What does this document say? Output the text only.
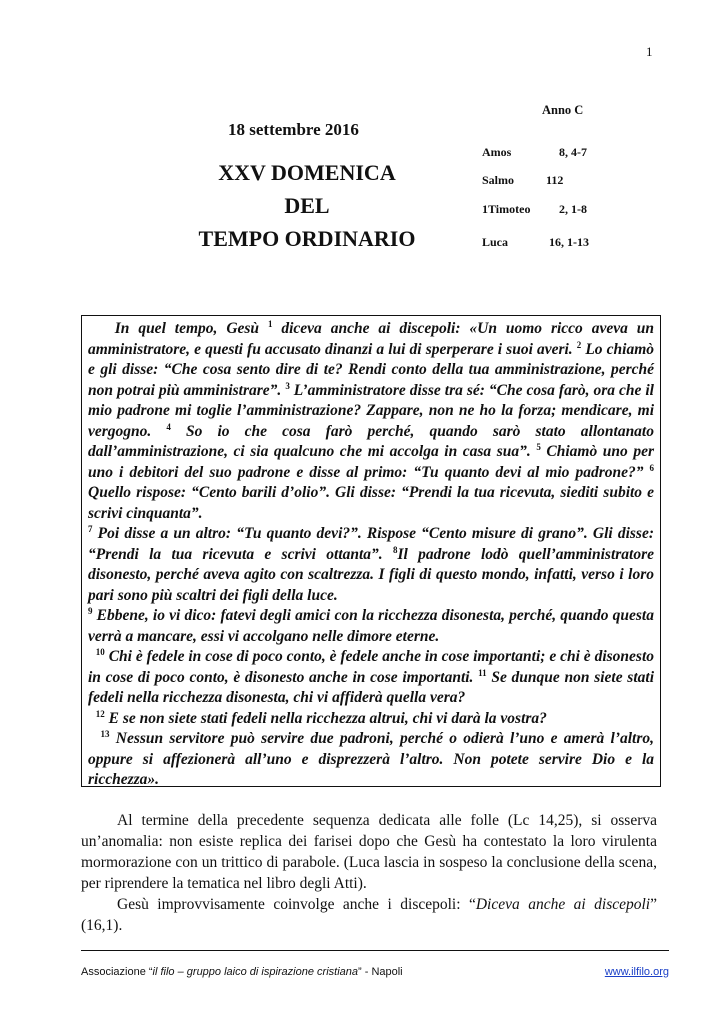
1
18 settembre 2016
XXV DOMENICA
DEL
TEMPO ORDINARIO
Anno C
Amos	8, 4-7
Salmo	112
1Timoteo 2, 1-8
Luca	16, 1-13

In quel tempo, Gesù $^1$ diceva anche ai discepoli: «Un uomo ricco aveva un amministratore, e questi fu accusato dinanzi a lui di sperperare i suoi averi. $^2$ Lo chiamò e gli disse: “Che cosa sento dire di te? Rendi conto della tua amministrazione, perché non potrai più amministrare”. $^3$ L’amministratore disse tra sé: “Che cosa farò, ora che il mio padrone mi toglie l’amministrazione? Zappare, non ne ho la forza; mendicare, mi vergogno. $^4$ So io che cosa farò perché, quando sarò stato allontanato dall’amministrazione, ci sia qualcuno che mi accolga in casa sua”. $^5$ Chiamò uno per uno i debitori del suo padrone e disse al primo: “Tu quanto devi al mio padrone?” $^6$ Quello rispose: “Cento barili d’olio”. Gli disse: “Prendi la tua ricevuta, siediti subito e scrivi cinquanta”.
$^7$ Poi disse a un altro: “Tu quanto devi?”. Rispose “Cento misure di grano”. Gli disse: “Prendi la tua ricevuta e scrivi ottanta”. $^8$Il padrone lodò quell’amministratore disonesto, perché aveva agito con scaltrezza. I figli di questo mondo, infatti, verso i loro pari sono più scaltri dei figli della luce.
$^9$ Ebbene, io vi dico: fatevi degli amici con la ricchezza disonesta, perché, quando questa verrà a mancare, essi vi accolgano nelle dimore eterne.
$^{10}$ Chi è fedele in cose di poco conto, è fedele anche in cose importanti; e chi è disonesto in cose di poco conto, è disonesto anche in cose importanti. $^{11}$ Se dunque non siete stati fedeli nella ricchezza disonesta, chi vi affiderà quella vera?
$^{12}$ E se non siete stati fedeli nella ricchezza altrui, chi vi darà la vostra?
$^{13}$ Nessun servitore può servire due padroni, perché o odierà l’uno e amerà l’altro, oppure si affezionerà all’uno e disprezzerà l’altro. Non potete servire Dio e la ricchezza».

Al termine della precedente sequenza dedicata alle folle (Lc 14,25), si osserva un’anomalia: non esiste replica dei farisei dopo che Gesù ha contestato la loro virulenta mormorazione con un trittico di parabole. (Luca lascia in sospeso la conclusione della scena, per riprendere la tematica nel libro degli Atti).

Gesù improvvisamente coinvolge anche i discepoli: “Diceva anche ai discepoli” (16,1).

Associazione “il filo – gruppo laico di ispirazione cristiana” - Napoli	www.ilfilo.org
